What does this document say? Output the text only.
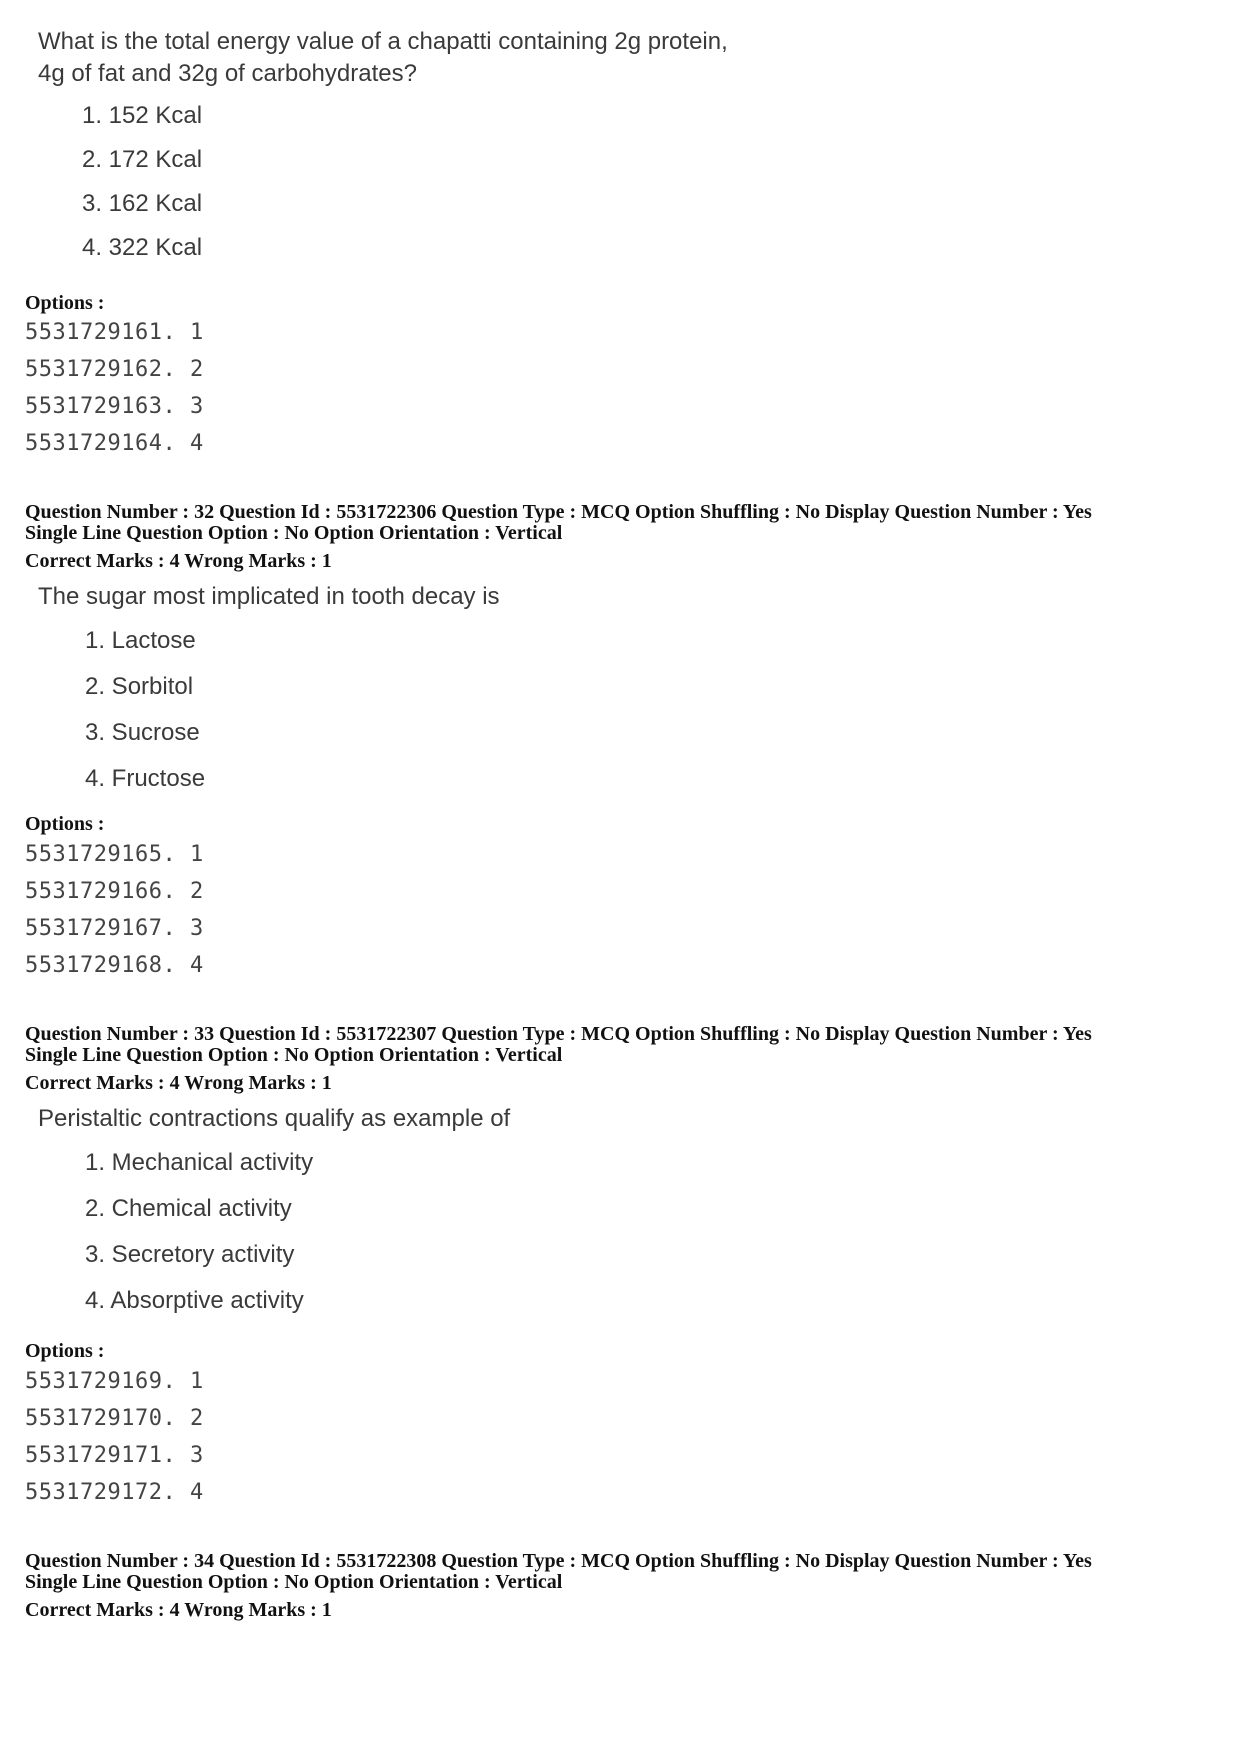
What is the total energy value of a chapatti containing 2g protein,
4g of fat and 32g of carbohydrates?
1. 152 Kcal
2. 172 Kcal
3. 162 Kcal
4. 322 Kcal
Options :
5531729161. 1
5531729162. 2
5531729163. 3
5531729164. 4
Question Number : 32 Question Id : 5531722306 Question Type : MCQ Option Shuffling : No Display Question Number : Yes
Single Line Question Option : No Option Orientation : Vertical
Correct Marks : 4 Wrong Marks : 1
The sugar most implicated in tooth decay is
1. Lactose
2. Sorbitol
3. Sucrose
4. Fructose
Options :
5531729165. 1
5531729166. 2
5531729167. 3
5531729168. 4
Question Number : 33 Question Id : 5531722307 Question Type : MCQ Option Shuffling : No Display Question Number : Yes
Single Line Question Option : No Option Orientation : Vertical
Correct Marks : 4 Wrong Marks : 1
Peristaltic contractions qualify as example of
1. Mechanical activity
2. Chemical activity
3. Secretory activity
4. Absorptive activity
Options :
5531729169. 1
5531729170. 2
5531729171. 3
5531729172. 4
Question Number : 34 Question Id : 5531722308 Question Type : MCQ Option Shuffling : No Display Question Number : Yes
Single Line Question Option : No Option Orientation : Vertical
Correct Marks : 4 Wrong Marks : 1
